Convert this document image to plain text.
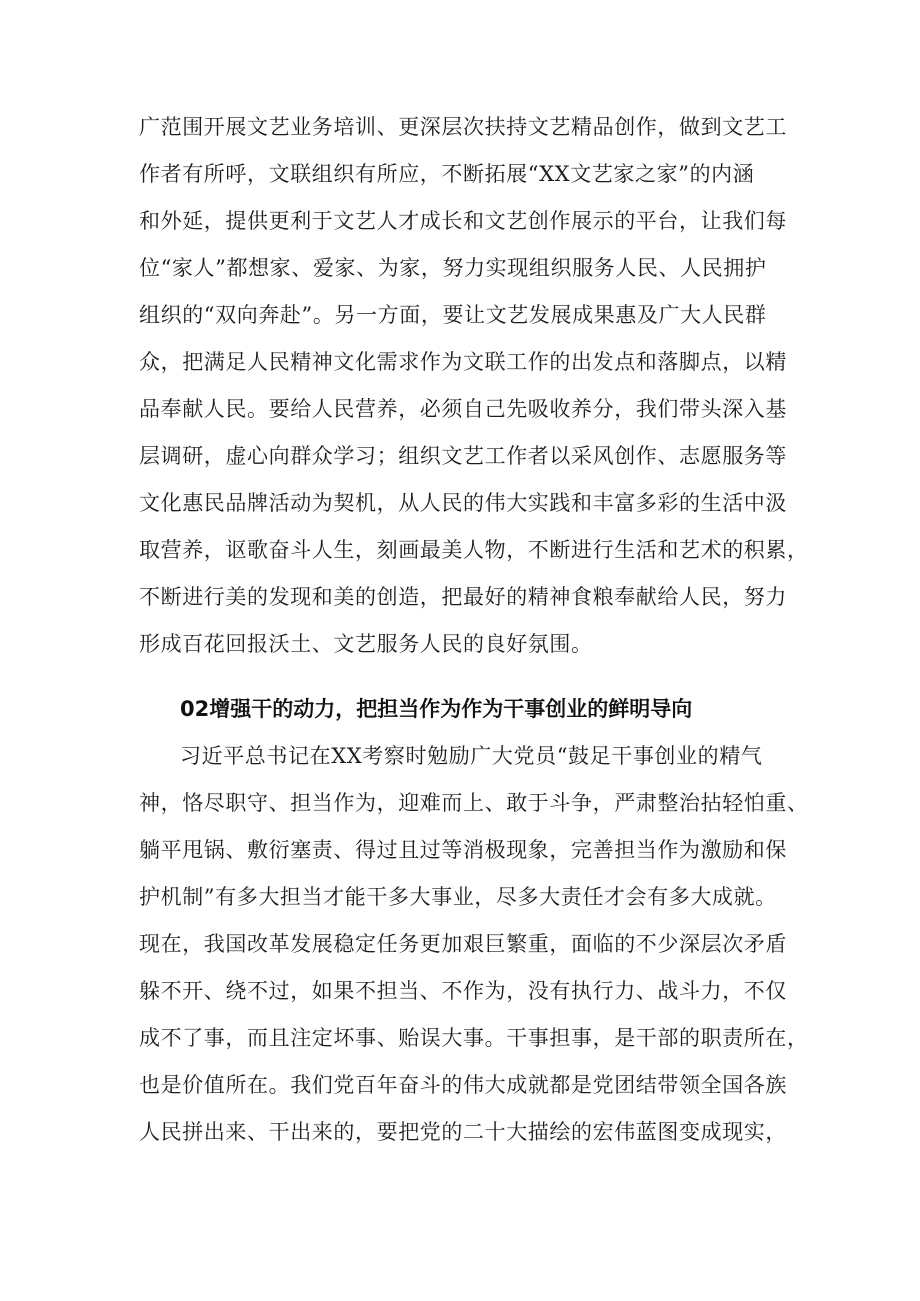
广范围开展文艺业务培训、更深层次扶持文艺精品创作，做到文艺工
作者有所呼，文联组织有所应，不断拓展“XX文艺家之家”的内涵
和外延，提供更利于文艺人才成长和文艺创作展示的平台，让我们每
位“家人”都想家、爱家、为家，努力实现组织服务人民、人民拥护
组织的“双向奔赴”。另一方面，要让文艺发展成果惠及广大人民群
众，把满足人民精神文化需求作为文联工作的出发点和落脚点，以精
品奉献人民。要给人民营养，必须自己先吸收养分，我们带头深入基
层调研，虚心向群众学习；组织文艺工作者以采风创作、志愿服务等
文化惠民品牌活动为契机，从人民的伟大实践和丰富多彩的生活中汲
取营养，讴歌奋斗人生，刻画最美人物，不断进行生活和艺术的积累，
不断进行美的发现和美的创造，把最好的精神食粮奉献给人民，努力
形成百花回报沃土、文艺服务人民的良好氛围。
02增强干的动力，把担当作为作为干事创业的鲜明导向
习近平总书记在XX考察时勉励广大党员“鼓足干事创业的精气
神，恪尽职守、担当作为，迎难而上、敢于斗争，严肃整治拈轻怕重、
躺平甩锅、敷衍塞责、得过且过等消极现象，完善担当作为激励和保
护机制”有多大担当才能干多大事业，尽多大责任才会有多大成就。
现在，我国改革发展稳定任务更加艰巨繁重，面临的不少深层次矛盾
躲不开、绕不过，如果不担当、不作为，没有执行力、战斗力，不仅
成不了事，而且注定坏事、贻误大事。干事担事，是干部的职责所在，
也是价值所在。我们党百年奋斗的伟大成就都是党团结带领全国各族
人民拼出来、干出来的，要把党的二十大描绘的宏伟蓝图变成现实，
